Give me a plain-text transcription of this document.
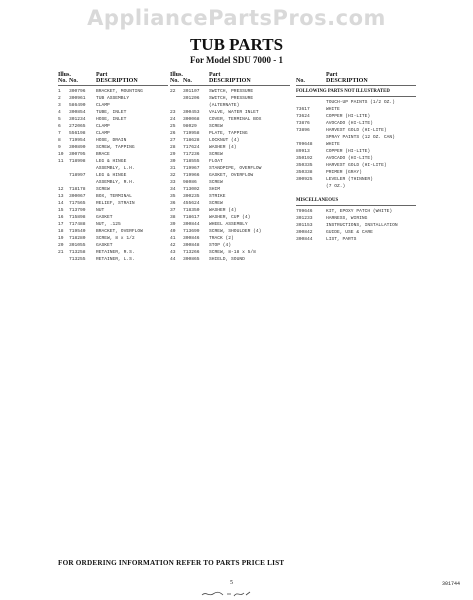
AppliancePartsPros.com
TUB PARTS
For Model SDU 7000 - 1
Illus.	Part
No. No.	DESCRIPTION
1 300796 BRACKET, MOUNTING
2 300961 TUB ASSEMBLY
3 586490 CLAMP
4 300854 TUBE, INLET
5 301234 HOSE, INLET
6 272065 CLAMP
7 556198 CLAMP
8 719954 HOSE, DRAIN
9 300890 SCREW, TAPPING
10 300795 BRACE
11 718998 LEG & HINGE
ASSEMBLY, L.H.
718997 LEG & HINGE
ASSEMBLY, R.H.
12 718178 SCREW
13 300067 BOX, TERMINAL
14 717565 RELIEF, STRAIN
15 713799 NUT
16 715898 GASKET
17 717488 NUT, .125
18 719540 BRACKET, OVERFLOW
19 718280 SCREW, 8 x 1/2
20 301055 GASKET
21 713258 RETAINER, R.S.
713255 RETAINER, L.S.
Illus.	Part
No. No.	DESCRIPTION
22 301107 SWITCH, PRESSURE
301206 SWITCH, PRESSURE
(ALTERNATE)
23 300453 VALVE, WATER INLET
24 300068 COVER, TERMINAL BOX
25 98029	SCREW
26 719958 PLATE, TAPPING
27 718628 LOCKNUT (4)
28 717624 WASHER (4)
29 717236 SCREW
30 718555 FLOAT
31 719967 STANDPIPE, OVERFLOW
32 719966 GASKET, OVERFLOW
33 98086	SCREW
34 713002 SHIM
35 300235 STRIKE
36 455624 SCREW
37 718350 WASHER (4)
38 718617 WASHER, CUP (4)
39 300844 WHEEL ASSEMBLY
40 713699 SCREW, SHOULDER (4)
41 300846 TRACK (2)
42 300848 STOP (4)
43 713266 SCREW, 8-18 x 5/8
44 300865 SHIELD, SOUND
Part
No.	DESCRIPTION
FOLLOWING PARTS NOT ILLUSTRATED
TOUCH-UP PAINTS (1/2 OZ.)
73617	WHITE
73624	COPPER (HI-LITE)
73876	AVOCADO (HI-LITE)
73896	HARVEST GOLD (HI-LITE)
SPRAY PAINTS (12 OZ. CAN)
799648	WHITE
89913	COPPER (HI-LITE)
350192	AVOCADO (HI-LITE)
350335	HARVEST GOLD (HI-LITE)
350338	PRIMER (GRAY)
300925	LEVELER (THINNER)
(7 OZ.)
MISCELLANEOUS
799646	KIT, EPOXY PATCH (WHITE)
301233	HARNESS, WIRING
301153	INSTRUCTIONS, INSTALLATION
300842	GUIDE, USE & CARE
300844	LIST, PARTS
FOR ORDERING INFORMATION REFER TO PARTS PRICE LIST
5	301744
